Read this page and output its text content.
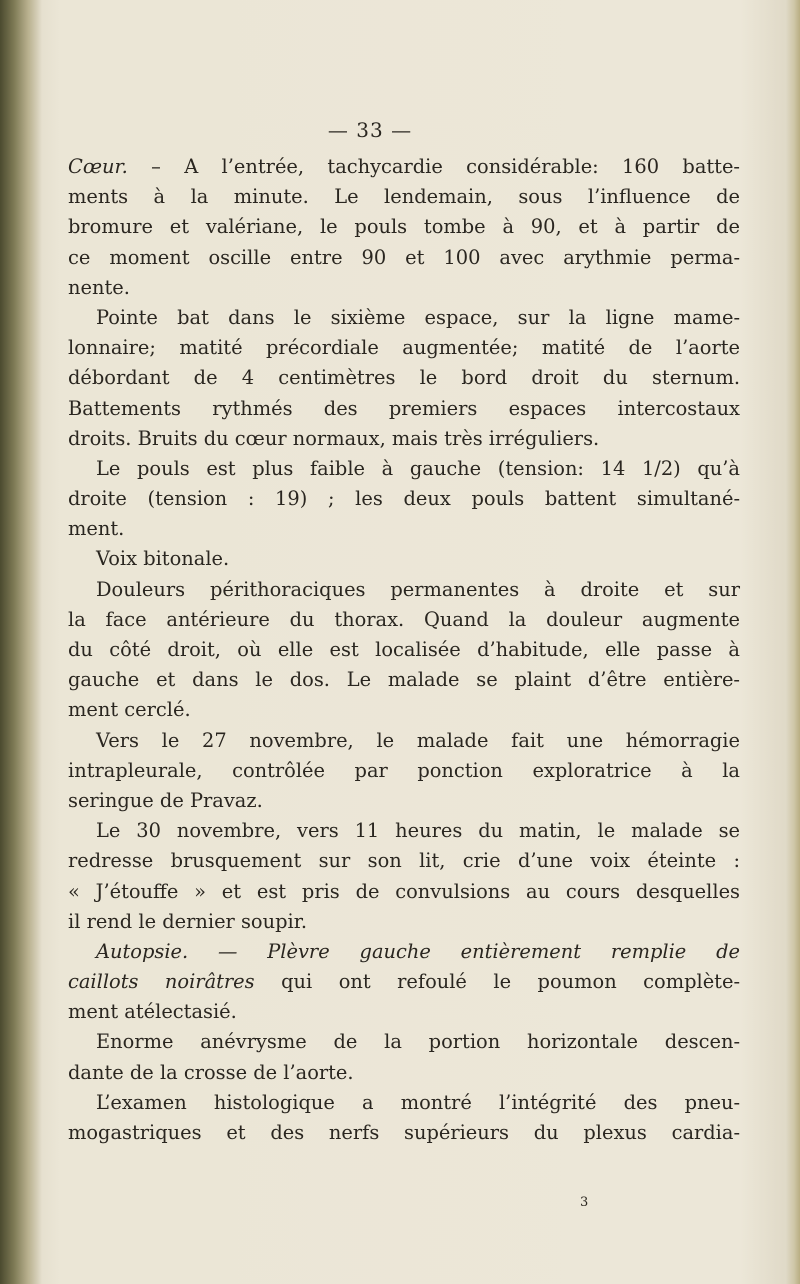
— 33 —
Cœur. – A l’entrée, tachycardie considérable: 160 batte-
ments à la minute. Le lendemain, sous l’influence de
bromure et valériane, le pouls tombe à 90, et à partir de
ce moment oscille entre 90 et 100 avec arythmie perma-
nente.
Pointe bat dans le sixième espace, sur la ligne mame-
lonnaire; matité précordiale augmentée; matité de l’aorte
débordant de 4 centimètres le bord droit du sternum.
Battements rythmés des premiers espaces intercostaux
droits. Bruits du cœur normaux, mais très irréguliers.
Le pouls est plus faible à gauche (tension: 14 1/2) qu’à
droite (tension : 19) ; les deux pouls battent simultané-
ment.
Voix bitonale.
Douleurs périthoraciques permanentes à droite et sur
la face antérieure du thorax. Quand la douleur augmente
du côté droit, où elle est localisée d’habitude, elle passe à
gauche et dans le dos. Le malade se plaint d’être entière-
ment cerclé.
Vers le 27 novembre, le malade fait une hémorragie
intrapleurale, contrôlée par ponction exploratrice à la
seringue de Pravaz.
Le 30 novembre, vers 11 heures du matin, le malade se
redresse brusquement sur son lit, crie d’une voix éteinte :
« J’étouffe » et est pris de convulsions au cours desquelles
il rend le dernier soupir.
Autopsie. — Plèvre gauche entièrement remplie de
caillots noirâtres qui ont refoulé le poumon complète-
ment atélectasié.
Enorme anévrysme de la portion horizontale descen-
dante de la crosse de l’aorte.
L’examen histologique a montré l’intégrité des pneu-
mogastriques et des nerfs supérieurs du plexus cardia-
3
